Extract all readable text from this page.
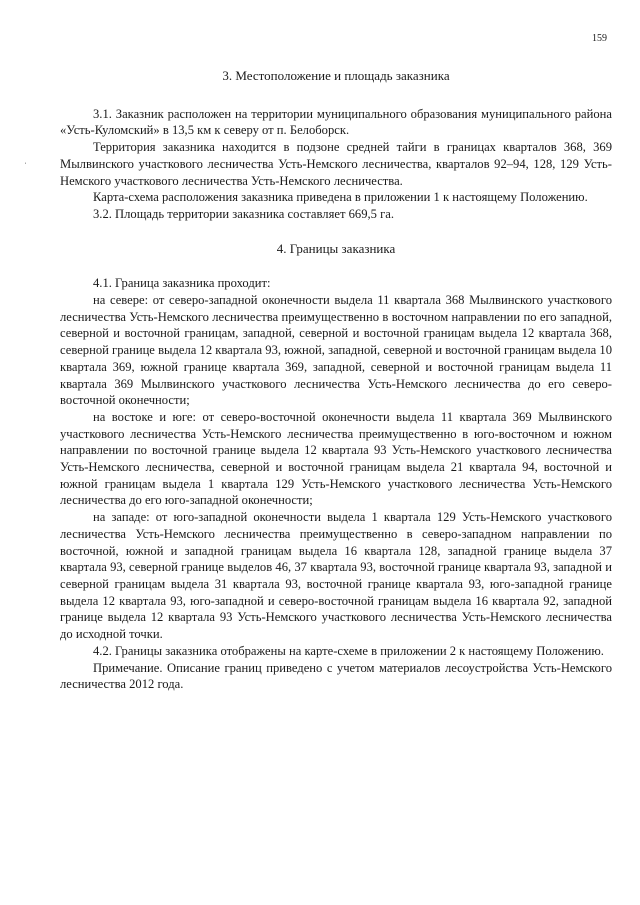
159
ˌ

3. Местоположение и площадь заказника

3.1. Заказник расположен на территории муниципального образования муниципального района «Усть-Куломский» в 13,5 км к северу от п. Белоборск.

Территория заказника находится в подзоне средней тайги в границах кварталов 368, 369 Мылвинского участкового лесничества Усть-Немского лесничества, кварталов 92–94, 128, 129 Усть-Немского участкового лесничества Усть-Немского лесничества.

Карта-схема расположения заказника приведена в приложении 1 к настоящему Положению.

3.2. Площадь территории заказника составляет 669,5 га.

4. Границы заказника

4.1. Граница заказника проходит:

на севере: от северо-западной оконечности выдела 11 квартала 368 Мылвинского участкового лесничества Усть-Немского лесничества преимущественно в восточном направлении по его западной, северной и восточной границам, западной, северной и восточной границам выдела 12 квартала 368, северной границе выдела 12 квартала 93, южной, западной, северной и восточной границам выдела 10 квартала 369, южной границе квартала 369, западной, северной и восточной границам выдела 11 квартала 369 Мылвинского участкового лесничества Усть-Немского лесничества до его северо-восточной оконечности;

на востоке и юге: от северо-восточной оконечности выдела 11 квартала 369 Мылвинского участкового лесничества Усть-Немского лесничества преимущественно в юго-восточном и южном направлении по восточной границе выдела 12 квартала 93 Усть-Немского участкового лесничества Усть-Немского лесничества, северной и восточной границам выдела 21 квартала 94, восточной и южной границам выдела 1 квартала 129 Усть-Немского участкового лесничества Усть-Немского лесничества до его юго-западной оконечности;

на западе: от юго-западной оконечности выдела 1 квартала 129 Усть-Немского участкового лесничества Усть-Немского лесничества преимущественно в северо-западном направлении по восточной, южной и западной границам выдела 16 квартала 128, западной границе выдела 37 квартала 93, северной границе выделов 46, 37 квартала 93, восточной границе квартала 93, западной и северной границам выдела 31 квартала 93, восточной границе квартала 93, юго-западной границе выдела 12 квартала 93, юго-западной и северо-восточной границам выдела 16 квартала 92, западной границе выдела 12 квартала 93 Усть-Немского участкового лесничества Усть-Немского лесничества до исходной точки.

4.2. Границы заказника отображены на карте-схеме в приложении 2 к настоящему Положению.

Примечание. Описание границ приведено с учетом материалов лесоустройства Усть-Немского лесничества 2012 года.
